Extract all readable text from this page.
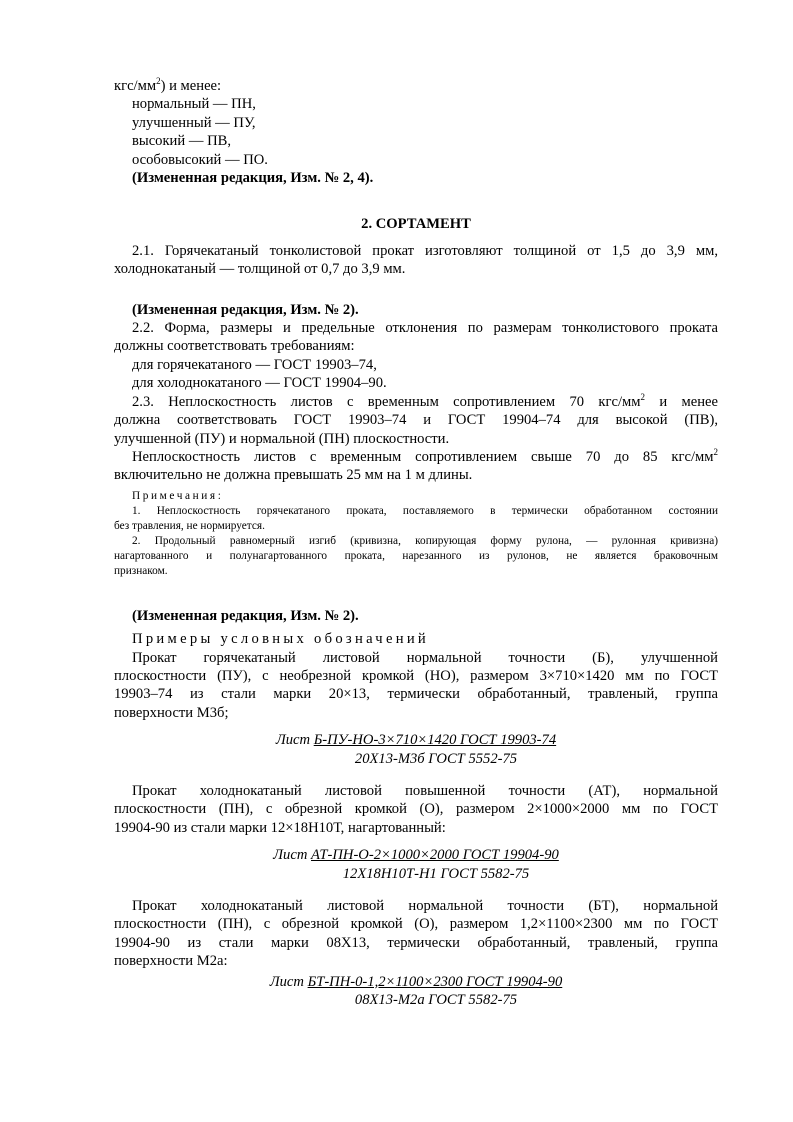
кгс/$мм^2$) и менее:

нормальный — ПН,

улучшенный — ПУ,

высокий — ПВ,

особовысокий — ПО.

(Измененная редакция, Изм. № 2, 4).

2. СОРТАМЕНТ

2.1. Горячекатаный тонколистовой прокат изготовляют толщиной от 1,5 до 3,9 мм,

холоднокатаный — толщиной от 0,7 до 3,9 мм.

(Измененная редакция, Изм. № 2).

2.2. Форма, размеры и предельные отклонения по размерам тонколистового проката

должны соответствовать требованиям:

для горячекатаного — ГОСТ 19903–74,

для холоднокатаного — ГОСТ 19904–90.

2.3. Неплоскостность листов с временным сопротивлением 70 кгс/$мм^2$ и менее

должна соответствовать ГОСТ 19903–74 и ГОСТ 19904–74 для высокой (ПВ),

улучшенной (ПУ) и нормальной (ПН) плоскостности.

Неплоскостность листов с временным сопротивлением свыше 70 до 85 кгс/$мм^2$

включительно не должна превышать 25 мм на 1 м длины.

Примечания:

1. Неплоскостность горячекатаного проката, поставляемого в термически обработанном состоянии

без травления, не нормируется.

2. Продольный равномерный изгиб (кривизна, копирующая форму рулона, — рулонная кривизна)

нагартованного и полунагартованного проката, нарезанного из рулонов, не является браковочным

признаком.

(Измененная редакция, Изм. № 2).

Примеры условных обозначений

Прокат горячекатаный листовой нормальной точности (Б), улучшенной

плоскостности (ПУ), с необрезной кромкой (НО), размером 3×710×1420 мм по ГОСТ

19903–74 из стали марки 20×13, термически обработанный, травленый, группа

поверхности М3б;

Лист Б-ПУ-НО-3×710×1420 ГОСТ 19903-74
20Х13-М3б ГОСТ 5552-75

Прокат холоднокатаный листовой повышенной точности (АТ), нормальной

плоскостности (ПН), с обрезной кромкой (О), размером 2×1000×2000 мм по ГОСТ

19904-90 из стали марки 12×18Н10Т, нагартованный:

Лист АТ-ПН-О-2×1000×2000 ГОСТ 19904-90
12Х18Н10Т-Н1 ГОСТ 5582-75

Прокат холоднокатаный листовой нормальной точности (БТ), нормальной

плоскостности (ПН), с обрезной кромкой (О), размером 1,2×1100×2300 мм по ГОСТ

19904-90 из стали марки 08Х13, термически обработанный, травленый, группа

поверхности М2а:

Лист БТ-ПН-0-1,2×1100×2300 ГОСТ 19904-90
08Х13-М2а ГОСТ 5582-75
